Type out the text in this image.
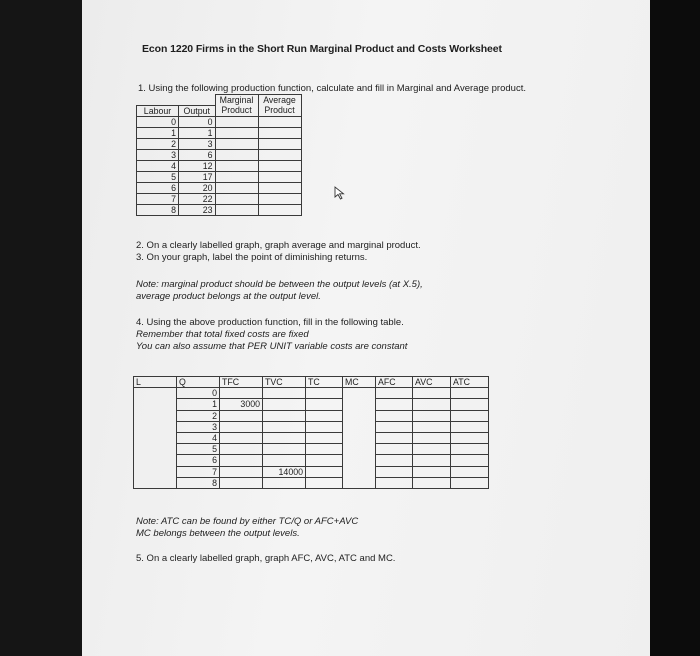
Econ 1220 Firms in the Short Run Marginal Product and Costs Worksheet
1. Using the following production function, calculate and fill in Marginal and Average product.
		Marginal	Average
Labour	Output	Product	Product
0	0		
1	1		
2	3		
3	6		
4	12		
5	17		
6	20		
7	22		
8	23		
2. On a clearly labelled graph, graph average and marginal product.
3. On your graph, label the point of diminishing returns.
Note: marginal product should be between the output levels (at X.5),
average product belongs at the output level.
4. Using the above production function, fill in the following table.
Remember that total fixed costs are fixed
You can also assume that PER UNIT variable costs are constant
L	Q	TFC	TVC	TC	MC	AFC	AVC	ATC
	0							
	1	3000						
	2							
	3							
	4							
	5							
	6							
	7		14000					
	8							
Note: ATC can be found by either TC/Q or AFC+AVC
MC belongs between the output levels.
5. On a clearly labelled graph, graph AFC, AVC, ATC and MC.
